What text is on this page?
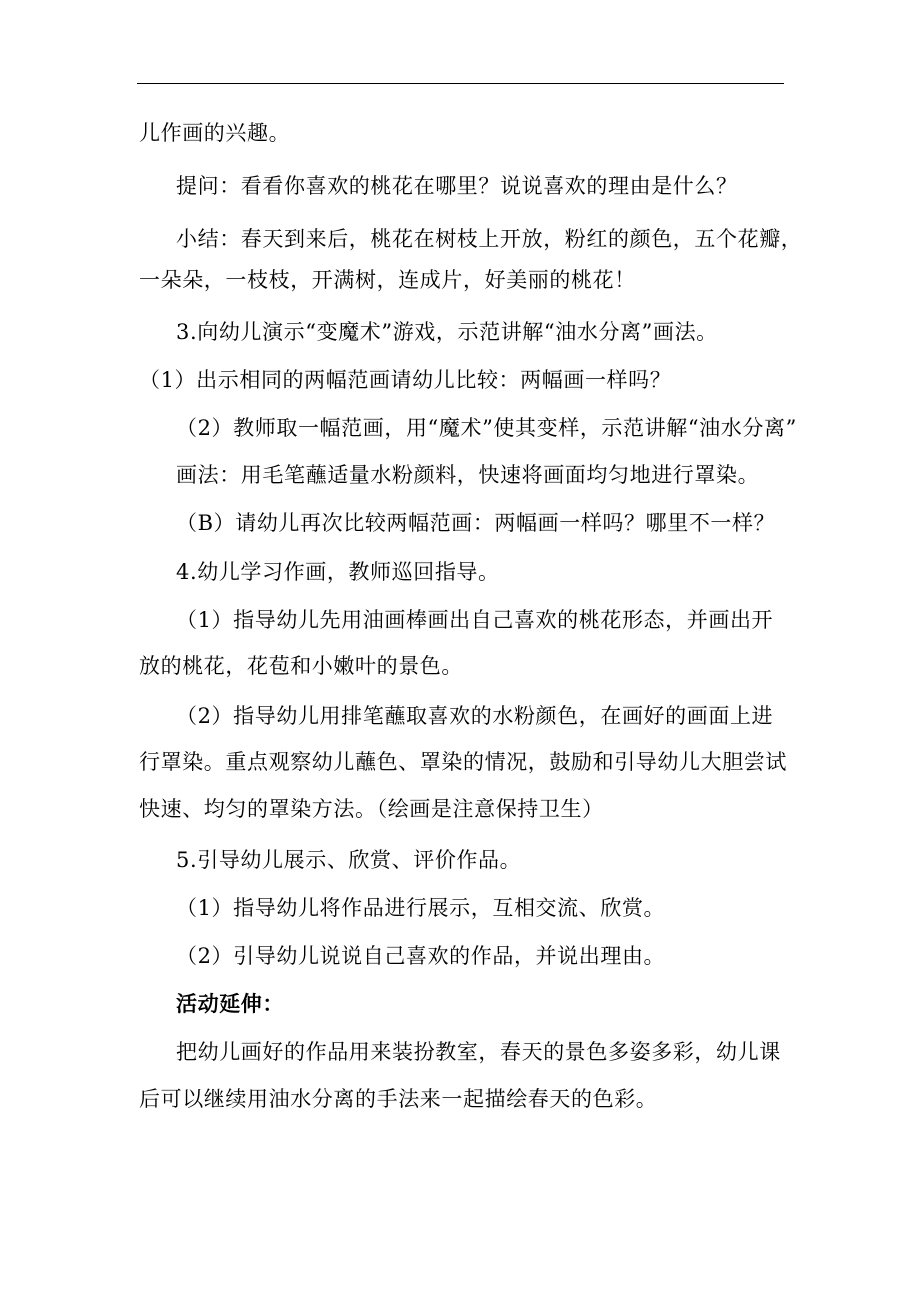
儿作画的兴趣。
提问：看看你喜欢的桃花在哪里？说说喜欢的理由是什么？
小结：春天到来后，桃花在树枝上开放，粉红的颜色，五个花瓣，
一朵朵，一枝枝，开满树，连成片，好美丽的桃花！
3.向幼儿演示“变魔术”游戏，示范讲解“油水分离”画法。
（1）出示相同的两幅范画请幼儿比较：两幅画一样吗？
（2）教师取一幅范画，用“魔术”使其变样，示范讲解“油水分离”
画法：用毛笔蘸适量水粉颜料，快速将画面均匀地进行罩染。
（B）请幼儿再次比较两幅范画：两幅画一样吗？哪里不一样？
4.幼儿学习作画，教师巡回指导。
（1）指导幼儿先用油画棒画出自己喜欢的桃花形态，并画出开
放的桃花，花苞和小嫩叶的景色。
（2）指导幼儿用排笔蘸取喜欢的水粉颜色，在画好的画面上进
行罩染。重点观察幼儿蘸色、罩染的情况，鼓励和引导幼儿大胆尝试
快速、均匀的罩染方法。（绘画是注意保持卫生）
5.引导幼儿展示、欣赏、评价作品。
（1）指导幼儿将作品进行展示，互相交流、欣赏。
（2）引导幼儿说说自己喜欢的作品，并说出理由。
活动延伸：
把幼儿画好的作品用来装扮教室，春天的景色多姿多彩，幼儿课
后可以继续用油水分离的手法来一起描绘春天的色彩。
